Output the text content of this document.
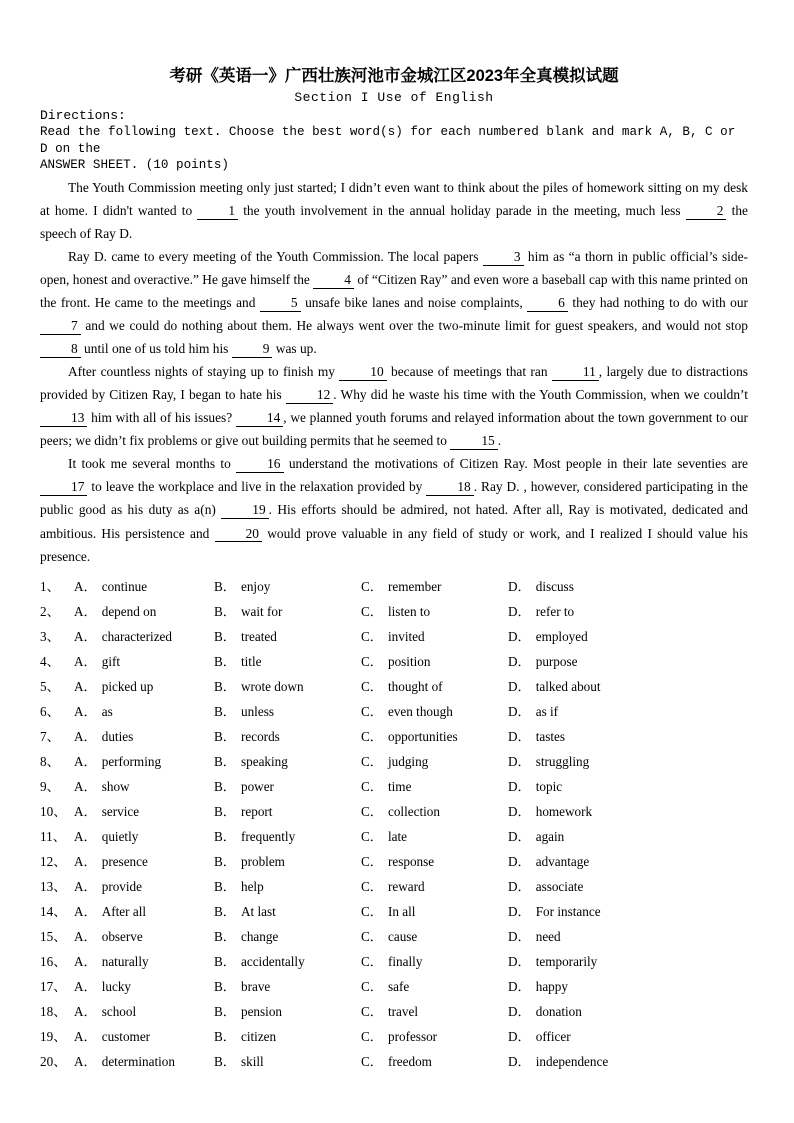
考研《英语一》广西壮族河池市金城江区2023年全真模拟试题
Section I Use of English
Directions:
Read the following text. Choose the best word(s) for each numbered blank and mark A, B, C or D on the
ANSWER SHEET. (10 points)
The Youth Commission meeting only just started; I didn’t even want to think about the piles of homework sitting on my desk at home. I didn't wanted to 1 the youth involvement in the annual holiday parade in the meeting, much less 2 the speech of Ray D.
Ray D. came to every meeting of the Youth Commission. The local papers 3 him as “a thorn in public official’s side-open, honest and overactive.” He gave himself the 4 of “Citizen Ray” and even wore a baseball cap with this name printed on the front. He came to the meetings and 5 unsafe bike lanes and noise complaints, 6 they had nothing to do with our 7 and we could do nothing about them. He always went over the two-minute limit for guest speakers, and would not stop 8 until one of us told him his 9 was up.
After countless nights of staying up to finish my 10 because of meetings that ran 11 , largely due to distractions provided by Citizen Ray, I began to hate his 12 . Why did he waste his time with the Youth Commission, when we couldn’t 13 him with all of his issues? 14 , we planned youth forums and relayed information about the town government to our peers; we didn’t fix problems or give out building permits that he seemed to 15 .
It took me several months to 16 understand the motivations of Citizen Ray. Most people in their late seventies are 17 to leave the workplace and live in the relaxation provided by 18 . Ray D. , however, considered participating in the public good as his duty as a(n) 19 . His efforts should be admired, not hated. After all, Ray is motivated, dedicated and ambitious. His persistence and 20 would prove valuable in any field of study or work, and I realized I should value his presence.
1、	A． continue	B． enjoy	C． remember	D． discuss
2、	A． depend on	B． wait for	C． listen to	D． refer to
3、	A． characterized	B． treated	C． invited	D． employed
4、	A． gift	B． title	C． position	D． purpose
5、	A． picked up	B． wrote down	C． thought of	D． talked about
6、	A． as	B． unless	C． even though	D． as if
7、	A． duties	B． records	C． opportunities	D． tastes
8、	A． performing	B． speaking	C． judging	D． struggling
9、	A． show	B． power	C． time	D． topic
10、 A． service	B． report	C． collection	D． homework
11、 A． quietly	B． frequently	C． late	D． again
12、 A． presence	B． problem	C． response	D． advantage
13、 A． provide	B． help	C． reward	D． associate
14、 A． After all	B． At last	C． In all	D． For instance
15、 A． observe	B． change	C． cause	D． need
16、 A． naturally	B． accidentally	C． finally	D． temporarily
17、 A． lucky	B． brave	C． safe	D． happy
18、 A． school	B． pension	C． travel	D． donation
19、 A． customer	B． citizen	C． professor	D． officer
20、 A． determination	B． skill	C． freedom	D． independence
